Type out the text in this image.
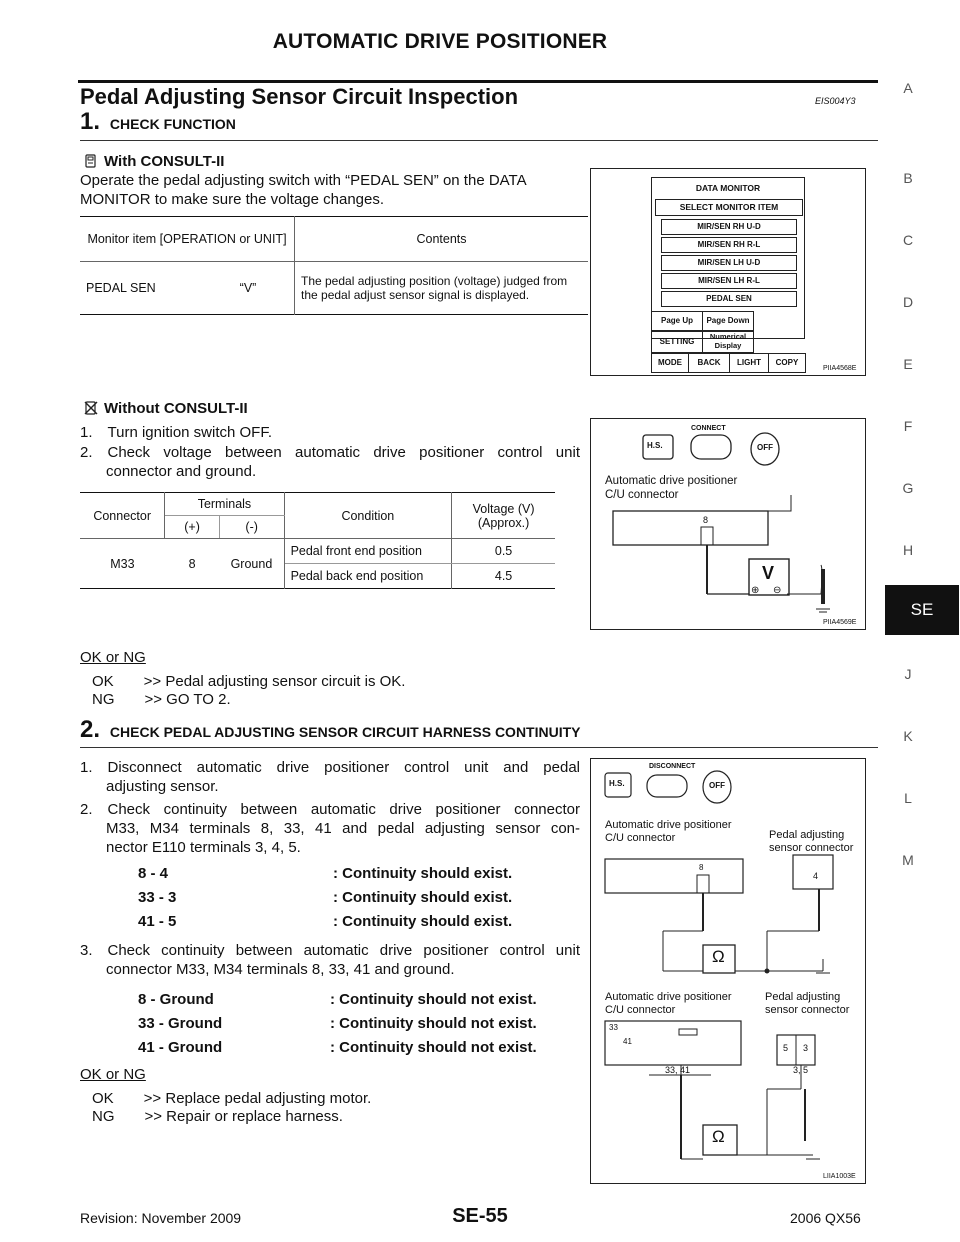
AUTOMATIC DRIVE POSITIONER
Pedal Adjusting Sensor Circuit Inspection	EIS004Y3
1. CHECK FUNCTION
With CONSULT-II
Operate the pedal adjusting switch with “PEDAL SEN” on the DATA
MONITOR to make sure the voltage changes.
Monitor item [OPERATION or UNIT]		Contents
PEDAL SEN	“V”	The pedal adjusting position (voltage) judged from the pedal adjust sensor signal is displayed.
DATA MONITOR
SELECT MONITOR ITEM
MIR/SEN RH U-D
MIR/SEN RH R-L
MIR/SEN LH U-D
MIR/SEN LH R-L
PEDAL SEN
Page Up	Page Down
SETTING
Numerical Display
MODE	BACK	LIGHT	COPY
PIIA4568E
Without CONSULT-II
1. Turn ignition switch OFF.
2. Check voltage between automatic drive positioner control unit
connector and ground.
Connector	Terminals		Condition	Voltage (V) (Approx.)
	(+)	(-)		
M33	8	Ground	Pedal front end position	0.5
			Pedal back end position	4.5
H.S.
CONNECT
OFF
Automatic drive positioner
C/U connector
8
V
⊕ ⊖
PIIA4569E
OK or NG
OK  >> Pedal adjusting sensor circuit is OK.
NG  >> GO TO 2.
2. CHECK PEDAL ADJUSTING SENSOR CIRCUIT HARNESS CONTINUITY
1. Disconnect automatic drive positioner control unit and pedal
adjusting sensor.
2. Check continuity between automatic drive positioner connector
M33, M34 terminals 8, 33, 41 and pedal adjusting sensor con-
nector E110 terminals 3, 4, 5.
8 - 4	: Continuity should exist.
33 - 3	: Continuity should exist.
41 - 5	: Continuity should exist.
3. Check continuity between automatic drive positioner control unit
connector M33, M34 terminals 8, 33, 41 and ground.
8 - Ground	: Continuity should not exist.
33 - Ground	: Continuity should not exist.
41 - Ground	: Continuity should not exist.
OK or NG
OK  >> Replace pedal adjusting motor.
NG  >> Repair or replace harness.
H.S.
DISCONNECT
OFF
Automatic drive positioner
C/U connector	Pedal adjusting
sensor connector
8
4
Ω
Automatic drive positioner
C/U connector
Pedal adjusting
sensor connector
33
41
5 3
33, 41	3, 5
Ω
LIIA1003E
A
B
C
D
E
F
G
H
SE
J
K
L
M
Revision: November 2009	SE-55	2006 QX56
